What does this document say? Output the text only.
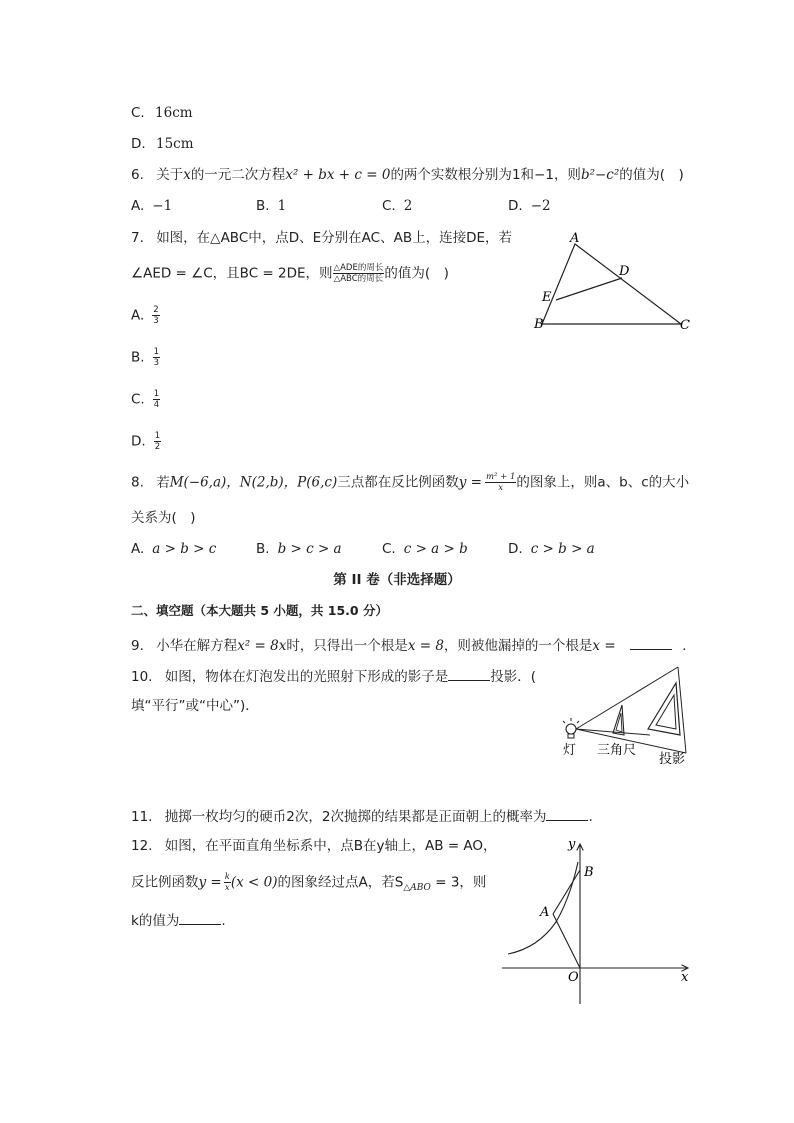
C. 16cm
D. 15cm
6. 关于x的一元二次方程x² + bx + c = 0的两个实数根分别为1和−1，则b²−c²的值为(　)
A. −1	B. 1	C. 2	D. −2
7. 如图，在△ABC中，点D、E分别在AC、AB上，连接DE，若
∠AED = ∠C，且BC = 2DE，则 $\frac{\text{△ADE的周长}}{\text{△ABC的周长}}$ 的值为(　)
A. $\frac{2}{3}$
B. $\frac{1}{3}$
C. $\frac{1}{4}$
D. $\frac{1}{2}$
A
B	C
D
E
8. 若M(−6,a)，N(2,b)，P(6,c)三点都在反比例函数$y = \frac{\text{m² + 1}}{x}$ 的图象上，则a、b、c的大小
关系为(　)
A. a > b > c	B. b > c > a	C. c > a > b	D. c > b > a
第 II 卷（非选择题）
二、填空题（本大题共 5 小题，共 15.0 分）
9. 小华在解方程x² = 8x时，只得出一个根是x = 8，则被他漏掉的一个根是x =	.
10. 如图，物体在灯泡发出的光照射下形成的影子是	投影．(
填“平行”或“中心”)．
灯 三角尺
投影
11. 抛掷一枚均匀的硬币2次，2次抛掷的结果都是正面朝上的概率为	.
12. 如图，在平面直角坐标系中，点B在y轴上，AB = AO，
反比例函数$y = \frac{k}{x} (x < 0)$的图象经过点A，若$S_{\triangle ABO} = 3$，则
k的值为	.
y
x
O
A
B
